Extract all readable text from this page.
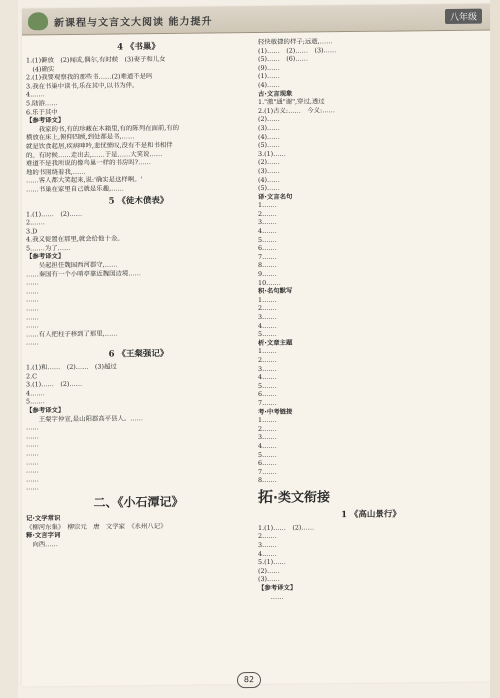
新课程与文言文大阅读 能力提升	八年级
4 《书巢》
1.(1)僻放　(2)闻或,偶尔,有时候　(3)妻子和儿女
　(4)确实
2.(1)我要观察我的那些书……(2)难道不是吗
3.我在书巢中读书,乐在其中,以书为伴。
4.……
5.陆游……
6.乐于其中
【参考译文】
　　我家的书,有的珍藏在木箱里,有的陈列在面前,有的
横放在床上,俯仰四顾,到处都是书,……
就是饮食起居,疾病呻吟,悲忧愤叹,没有不是和书相伴
的。有时候……走出去,……于是……大笑说……
难道不是我所说的像鸟巢一样的书房吗?……
地的书围绕着我,……
……客人都大笑起来,说:'确实是这样啊。'
……书巢在家里自己就是乐趣,……
5 《徒木偾表》
1.(1)……　(2)……
2.……
3.D
4.我又徙置在那里,就会给他十金。
5.……为了……
【参考译文】
　　吴起担任魏国西河郡守,……
……秦国有一个小哨亭靠近魏国边境……
……
……
……
……
……
……
……有人把柱子移到了那里,……
……
6 《王粲强记》
1.(1)和……　(2)……　(3)超过
2.C
3.(1)……　(2)……
4.……
5.……
【参考译文】
　　王粲字仲宣,是山阳郡高平县人。……
……
……
……
……
……
……
……
……
二、《小石潭记》
记·文学常识
《柳河东集》　柳宗元　唐　文学家　《永州八记》
释·文言字词
　向西……
轻快敏捷的样子;远逝,……
(1)……　(2)……　(3)……
(5)……　(6)……
(9)……
(1)……
(4)……
古·文言现象
1."激"通"谢",穿过,透过
2.(1)古义:……　今义:……
(2)……
(3)……
(4)……
(5)……
3.(1)……
(2)……
(3)……
(4)……
(5)……
译·文言名句
1.……
2.……
3.……
4.……
5.……
6.……
7.……
8.……
9.……
10.……
积·名句默写
1.……
2.……
3.……
4.……
5.……
析·文章主题
1.……
2.……
3.……
4.……
5.……
6.……
7.……
考·中考链接
1.……
2.……
3.……
4.……
5.……
6.……
7.……
8.……
拓·类文衔接
1 《高山景行》
1.(1)……　(2)……
2.……
3.……
4.……
5.(1)……
(2)……
(3)……
【参考译文】
　　……
82
